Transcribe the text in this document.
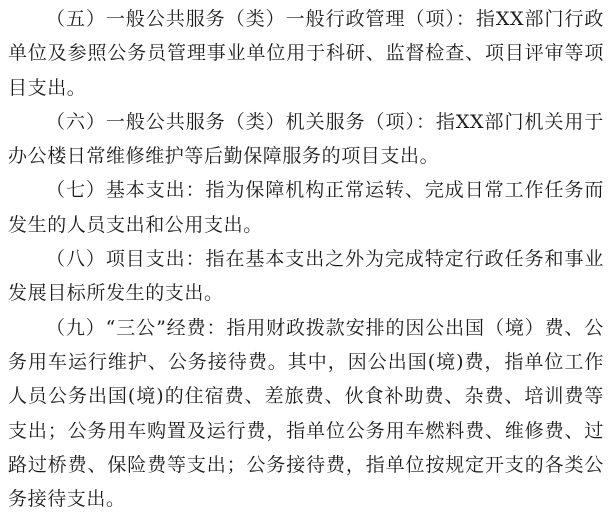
（五）一般公共服务（类）一般行政管理（项）：指XX部门行政单位及参照公务员管理事业单位用于科研、监督检查、项目评审等项目支出。

（六）一般公共服务（类）机关服务（项）：指XX部门机关用于办公楼日常维修维护等后勤保障服务的项目支出。

（七）基本支出：指为保障机构正常运转、完成日常工作任务而发生的人员支出和公用支出。

（八）项目支出：指在基本支出之外为完成特定行政任务和事业发展目标所发生的支出。

（九）“三公”经费：指用财政拨款安排的因公出国（境）费、公务用车运行维护、公务接待费。其中，因公出国(境)费，指单位工作人员公务出国(境)的住宿费、差旅费、伙食补助费、杂费、培训费等支出；公务用车购置及运行费，指单位公务用车燃料费、维修费、过路过桥费、保险费等支出；公务接待费，指单位按规定开支的各类公务接待支出。
